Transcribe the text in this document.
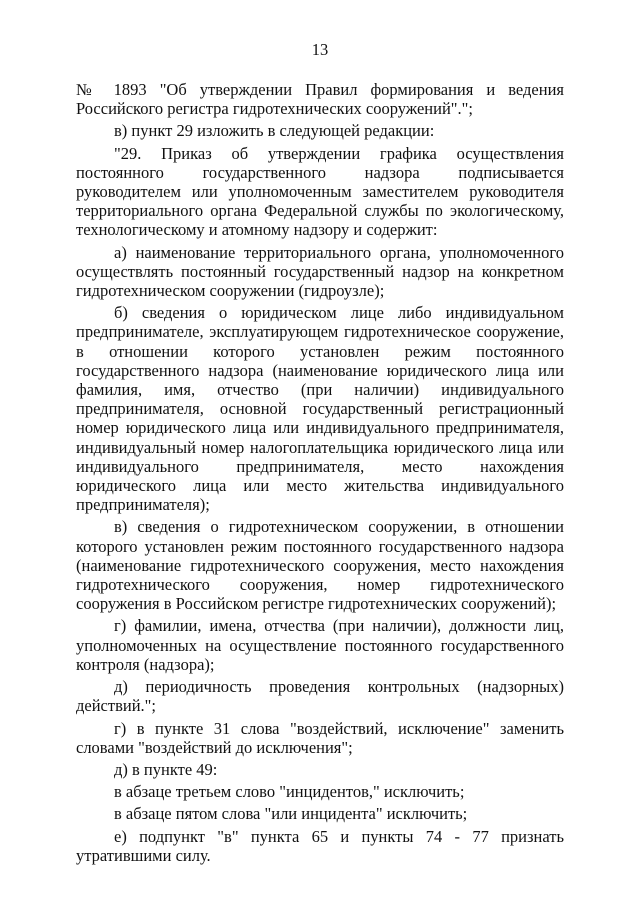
13

№ 1893 "Об утверждении Правил формирования и ведения Российского регистра гидротехнических сооружений".";

в) пункт 29 изложить в следующей редакции:

"29. Приказ об утверждении графика осуществления постоянного государственного надзора подписывается руководителем или уполномоченным заместителем руководителя территориального органа Федеральной службы по экологическому, технологическому и атомному надзору и содержит:

а) наименование территориального органа, уполномоченного осуществлять постоянный государственный надзор на конкретном гидротехническом сооружении (гидроузле);

б) сведения о юридическом лице либо индивидуальном предпринимателе, эксплуатирующем гидротехническое сооружение, в отношении которого установлен режим постоянного государственного надзора (наименование юридического лица или фамилия, имя, отчество (при наличии) индивидуального предпринимателя, основной государственный регистрационный номер юридического лица или индивидуального предпринимателя, индивидуальный номер налогоплательщика юридического лица или индивидуального предпринимателя, место нахождения юридического лица или место жительства индивидуального предпринимателя);

в) сведения о гидротехническом сооружении, в отношении которого установлен режим постоянного государственного надзора (наименование гидротехнического сооружения, место нахождения гидротехнического сооружения, номер гидротехнического сооружения в Российском регистре гидротехнических сооружений);

г) фамилии, имена, отчества (при наличии), должности лиц, уполномоченных на осуществление постоянного государственного контроля (надзора);

д) периодичность проведения контрольных (надзорных) действий.";

г) в пункте 31 слова "воздействий, исключение" заменить словами "воздействий до исключения";

д) в пункте 49:

в абзаце третьем слово "инцидентов," исключить;

в абзаце пятом слова "или инцидента" исключить;

е) подпункт "в" пункта 65 и пункты 74 - 77 признать утратившими силу.
